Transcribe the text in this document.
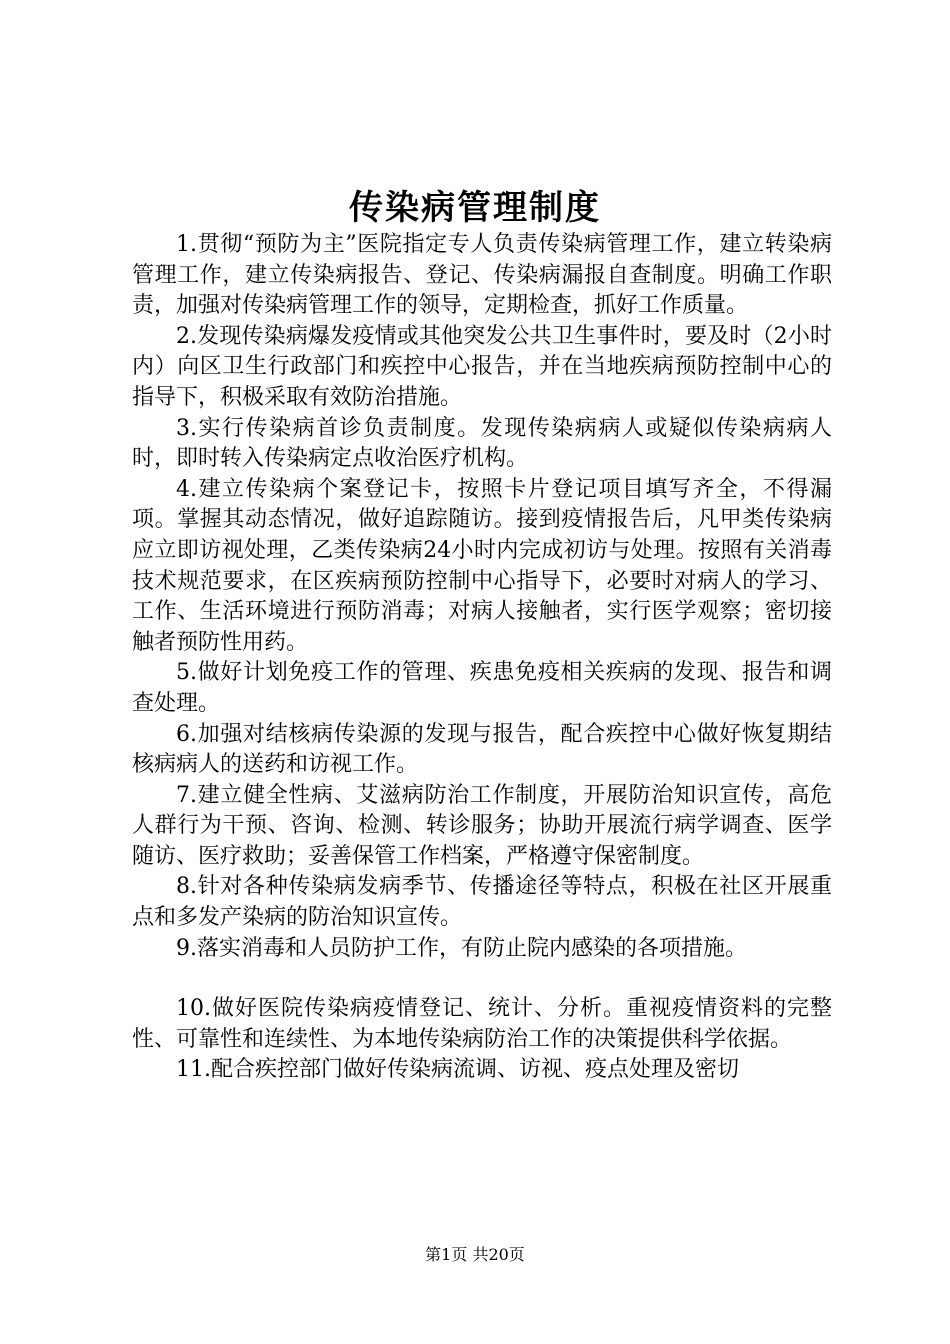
传染病管理制度

1.贯彻“预防为主”医院指定专人负责传染病管理工作，建立转染病管理工作，建立传染病报告、登记、传染病漏报自查制度。明确工作职责，加强对传染病管理工作的领导，定期检查，抓好工作质量。

2.发现传染病爆发疫情或其他突发公共卫生事件时，要及时（2小时内）向区卫生行政部门和疾控中心报告，并在当地疾病预防控制中心的指导下，积极采取有效防治措施。

3.实行传染病首诊负责制度。发现传染病病人或疑似传染病病人时，即时转入传染病定点收治医疗机构。

4.建立传染病个案登记卡，按照卡片登记项目填写齐全，不得漏项。掌握其动态情况，做好追踪随访。接到疫情报告后，凡甲类传染病应立即访视处理，乙类传染病24小时内完成初访与处理。按照有关消毒技术规范要求，在区疾病预防控制中心指导下，必要时对病人的学习、工作、生活环境进行预防消毒；对病人接触者，实行医学观察；密切接触者预防性用药。

5.做好计划免疫工作的管理、疾患免疫相关疾病的发现、报告和调查处理。

6.加强对结核病传染源的发现与报告，配合疾控中心做好恢复期结核病病人的送药和访视工作。

7.建立健全性病、艾滋病防治工作制度，开展防治知识宣传，高危人群行为干预、咨询、检测、转诊服务；协助开展流行病学调查、医学随访、医疗救助；妥善保管工作档案，严格遵守保密制度。

8.针对各种传染病发病季节、传播途径等特点，积极在社区开展重点和多发产染病的防治知识宣传。

9.落实消毒和人员防护工作，有防止院内感染的各项措施。

10.做好医院传染病疫情登记、统计、分析。重视疫情资料的完整性、可靠性和连续性、为本地传染病防治工作的决策提供科学依据。

11.配合疾控部门做好传染病流调、访视、疫点处理及密切

第1页 共20页
